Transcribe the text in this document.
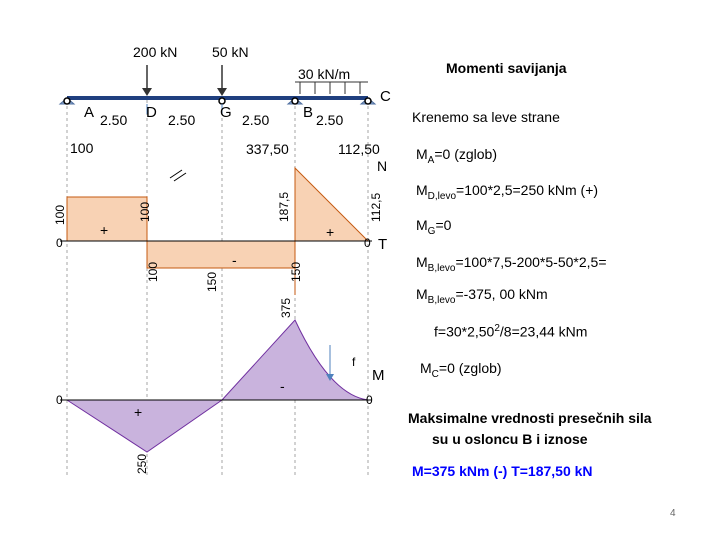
100	100
100	150	150
187,5
375
112,5
250
200 kN 50 kN
30 kN/m
A 2.50 D 2.50 G 2.50 B 2.50
C
100	337,50	112,50
N
0
+
-
+
0 T
0
+
-
f
M
0
Momenti savijanja
Krenemo sa leve strane
$M_A=0$ (zglob)
$M_{D,levo}=100*2,5=250$ kNm (+)
$M_G=0$
$M_{B,levo}=100*7,5-200*5-50*2,5=$
$M_{B,levo}=-375$, 00 kNm
$f=30*2,50^2/8=23,44$ kNm
$M_C=0$ (zglob)
Maksimalne vrednosti presečnih sila
su u osloncu B i iznose
M=375 kNm (-) T=187,50 kN
4
